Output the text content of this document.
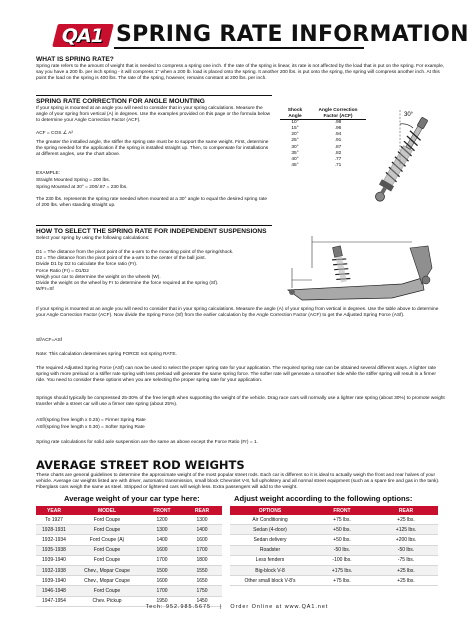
QA1 SPRING RATE INFORMATION
WHAT IS SPRING RATE?
Spring rate refers to the amount of weight that is needed to compress a spring one inch. If the rate of the spring is linear, its rate is not affected by the load that is put on the spring. For example, say you have a 200 lb. per inch spring - it will compress 1" when a 200 lb. load is placed onto the spring. It another 200 lbs. is put onto the spring, the spring will compress another inch. At this point the load on the spring is 400 lbs. The rate of the spring, however, remains constant at 200 lbs. per inch.
SPRING RATE CORRECTION FOR ANGLE MOUNTING
If your spring is mounted at an angle you will need to consider that in your spring calculations. Measure the angle of your spring from vertical (A) in degrees. Use the examples provided on this page or the formula below to determine your Angle Correction Factor (ACF).
ACF = COS ∠ A²
The greater the installed angle, the stiffer the spring rate must be to support the same weight. First, determine the spring needed for the application if the spring is installed straight up. Then, to compensate for installations at different angles, use the chart above.
EXAMPLE:
Straight Mounted Spring = 200 lbs.
Spring Mounted at 30° = 200/.87 = 230 lbs.
The 230 lbs. represents the spring rate needed when mounted at a 30° angle to equal the desired spring rate of 200 lbs. when standing straight up.
Shock Angle	Angle Correction Factor (ACF)
10°	.98
15°	.96
20°	.94
25°	.91
30°	.87
35°	.82
40°	.77
45°	.71
30°
HOW TO SELECT THE SPRING RATE FOR INDEPENDENT SUSPENSIONS
Select your spring by using the following calculations:
D1 = The distance from the pivot point of the a-arm to the mounting point of the spring/shock.
D2 = The distance from the pivot point of the a-arm to the center of the ball joint.
Divide D1 by D2 to calculate the force ratio (Fr).
Force Ratio (Fr) = D1/D2
Weigh your car to determine the weight on the wheels (W).
Divide the weight on the wheel by Fr to determine the force required at the spring (Sf).
W/Fr=Sf
If your spring is mounted at an angle you will need to consider that in your spring calculations. Measure the angle (A) of your spring from vertical in degrees. Use the table above to determine your Angle Correction Factor (ACF). Now divide the Spring Force (Sf) from the earlier calculation by the Angle Correction Factor (ACF) to get the Adjusted Spring Force (ASf).
Sf/ACF=ASf
Note: This calculation determines spring FORCE not spring RATE.
The required Adjusted Spring Force (ASf) can now be used to select the proper spring rate for your application. The required spring rate can be obtained several different ways. A lighter rate spring with more preload or a stiffer rate spring with less preload will generate the same spring force. The softer rate will generate a smoother ride while the stiffer spring will result in a firmer ride. You need to consider these options when you are selecting the proper spring rate for your application.
Springs should typically be compressed 25-30% of the free length when supporting the weight of the vehicle. Drag race cars will normally use a lighter rate spring (about 30%) to promote weight transfer while a street car will use a firmer rate spring (about 25%).
ASf/(spring free length x 0.25) = Firmer Spring Rate
ASf/(spring free length x 0.30) = Softer Spring Rate
Spring rate calculations for solid axle suspension are the same as above except the Force Ratio (Fr) = 1.
AVERAGE STREET ROD WEIGHTS
These charts are general guidelines to determine the approximate weight of the most popular street rods. Each car is different so it is ideal to actually weigh the front and rear halves of your vehicle. Average car weights listed are with driver, automatic transmission, small block Chevrolet V-8, full upholstery and all normal street equipment (such as a spare tire and gas in the tank). Fiberglass cars weigh the same as steel. Stripped or lightened cars will weigh less. Extra passengers will add to the weight.
Average weight of your car type here:
YEAR	MODEL	FRONT	REAR
To 1927	Ford Coupe	1200	1300
1928-1931	Ford Coupe	1300	1400
1932-1934	Ford Coupe (A)	1400	1600
1935-1938	Ford Coupe	1600	1700
1939-1940	Ford Coupe	1700	1800
1932-1938	Chev., Mopar Coupe	1500	1550
1939-1940	Chev., Mopar Coupe	1600	1650
1946-1948	Ford Coupe	1700	1750
1947-1954	Chev. Pickup	1950	1450
Adjust weight according to the following options:
OPTIONS	FRONT	REAR
Air Conditioning	+75 lbs.	+25 lbs.
Sedan (4-door)	+50 lbs.	+125 lbs.
Sedan delivery	+50 lbs.	+200 lbs.
Roadster	-50 lbs.	-50 lbs.
Less fenders	-100 lbs.	-75 lbs.
Big-block V-8	+175 lbs.	+25 lbs.
Other small block V-8's	+75 lbs.	+25 lbs.
Tech: 952.985.5675 | Order Online at www.QA1.net
